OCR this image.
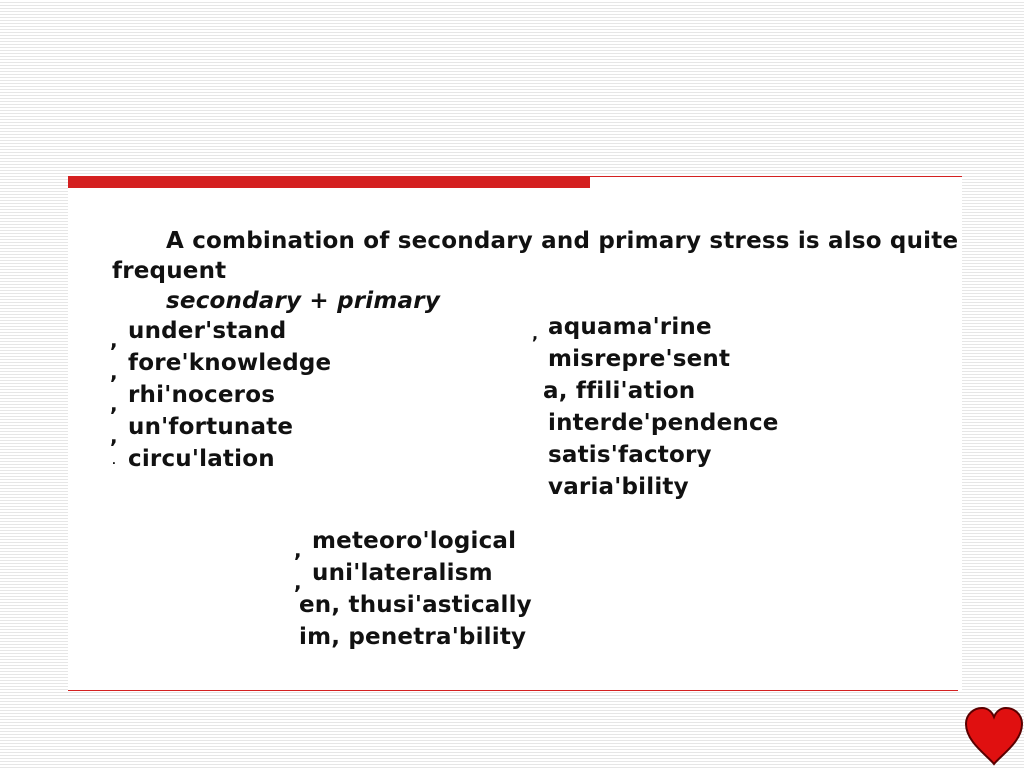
A combination of secondary and primary stress is also quite
frequent
secondary + primary
, under'stand
, fore'knowledge
, rhi'noceros
, un'fortunate
. circu'lation
, aquama'rine
misrepre'sent
a, ffili'ation
interde'pendence
satis'factory
varia'bility
, meteoro'logical
, uni'lateralism
en, thusi'astically
im, penetra'bility
